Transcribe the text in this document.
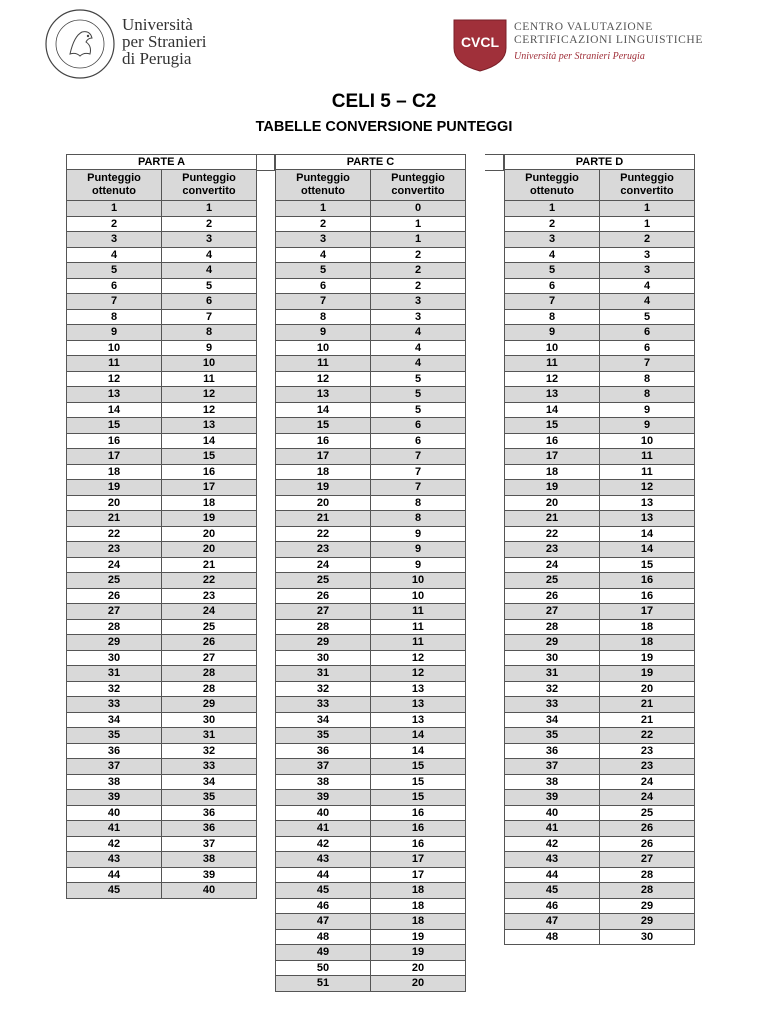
Università
per Stranieri
di Perugia
CVCL
CENTRO VALUTAZIONE
CERTIFICAZIONI LINGUISTICHE
Università per Stranieri Perugia
CELI 5 – C2
TABELLE CONVERSIONE PUNTEGGI
PARTE A	
Punteggio ottenuto	Punteggio convertito
1	1
2	2
3	3
4	4
5	4
6	5
7	6
8	7
9	8
10	9
11	10
12	11
13	12
14	12
15	13
16	14
17	15
18	16
19	17
20	18
21	19
22	20
23	20
24	21
25	22
26	23
27	24
28	25
29	26
30	27
31	28
32	28
33	29
34	30
35	31
36	32
37	33
38	34
39	35
40	36
41	36
42	37
43	38
44	39
45	40
PARTE C	
Punteggio ottenuto	Punteggio convertito
1	0
2	1
3	1
4	2
5	2
6	2
7	3
8	3
9	4
10	4
11	4
12	5
13	5
14	5
15	6
16	6
17	7
18	7
19	7
20	8
21	8
22	9
23	9
24	9
25	10
26	10
27	11
28	11
29	11
30	12
31	12
32	13
33	13
34	13
35	14
36	14
37	15
38	15
39	15
40	16
41	16
42	16
43	17
44	17
45	18
46	18
47	18
48	19
49	19
50	20
51	20
PARTE D	
Punteggio ottenuto	Punteggio convertito
1	1
2	1
3	2
4	3
5	3
6	4
7	4
8	5
9	6
10	6
11	7
12	8
13	8
14	9
15	9
16	10
17	11
18	11
19	12
20	13
21	13
22	14
23	14
24	15
25	16
26	16
27	17
28	18
29	18
30	19
31	19
32	20
33	21
34	21
35	22
36	23
37	23
38	24
39	24
40	25
41	26
42	26
43	27
44	28
45	28
46	29
47	29
48	30
